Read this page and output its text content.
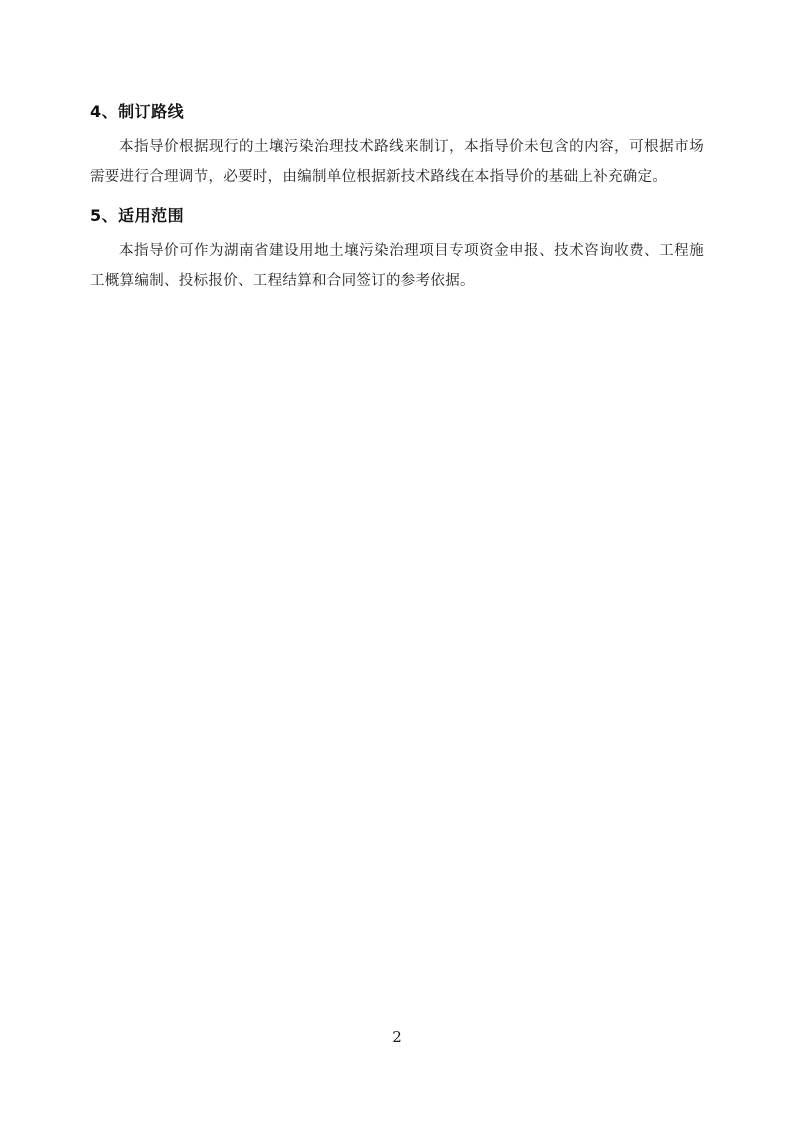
4、制订路线

本指导价根据现行的土壤污染治理技术路线来制订，本指导价未包含的内容，可根据市场需要进行合理调节，必要时，由编制单位根据新技术路线在本指导价的基础上补充确定。

5、适用范围

本指导价可作为湖南省建设用地土壤污染治理项目专项资金申报、技术咨询收费、工程施工概算编制、投标报价、工程结算和合同签订的参考依据。

2
